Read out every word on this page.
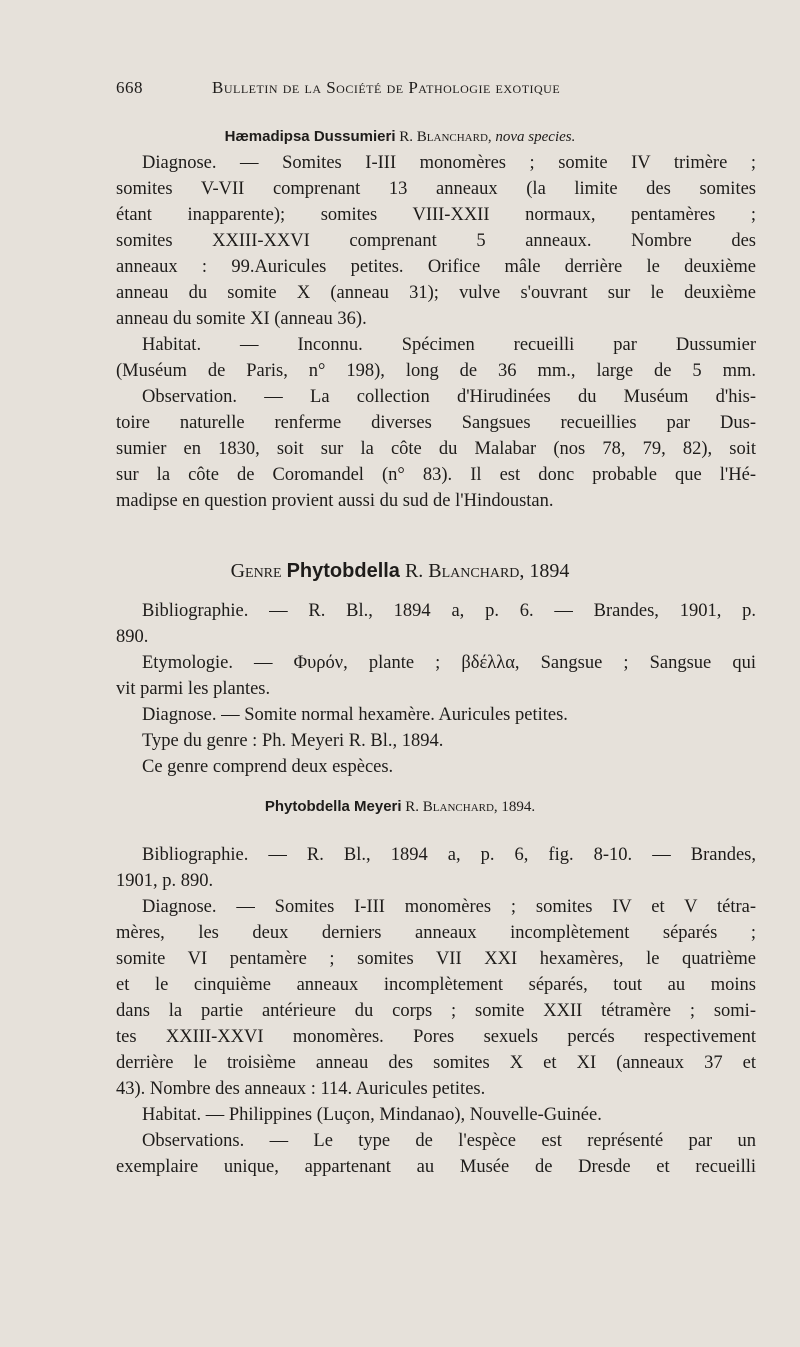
668	Bulletin de la Société de Pathologie exotique
Hæmadipsa Dussumieri R. Blanchard, nova species.
Diagnose. — Somites I-III monomères ; somite IV trimère ;
somites V-VII comprenant 13 anneaux (la limite des somites
étant inapparente); somites VIII-XXII normaux, pentamères ;
somites XXIII-XXVI comprenant 5 anneaux. Nombre des
anneaux : 99.Auricules petites. Orifice mâle derrière le deuxième
anneau du somite X (anneau 31); vulve s'ouvrant sur le deuxième
anneau du somite XI (anneau 36).
Habitat. — Inconnu. Spécimen recueilli par Dussumier
(Muséum de Paris, n° 198), long de 36 mm., large de 5 mm.
Observation. — La collection d'Hirudinées du Muséum d'his-
toire naturelle renferme diverses Sangsues recueillies par Dus-
sumier en 1830, soit sur la côte du Malabar (nos 78, 79, 82), soit
sur la côte de Coromandel (n° 83). Il est donc probable que l'Hé-
madipse en question provient aussi du sud de l'Hindoustan.
Genre Phytobdella R. Blanchard, 1894
Bibliographie. — R. Bl., 1894 a, p. 6. — Brandes, 1901, p.
890.
Etymologie. — Φυρόν, plante ; βδέλλα, Sangsue ; Sangsue qui
vit parmi les plantes.
Diagnose. — Somite normal hexamère. Auricules petites.
Type du genre : Ph. Meyeri R. Bl., 1894.
Ce genre comprend deux espèces.
Phytobdella Meyeri R. Blanchard, 1894.
Bibliographie. — R. Bl., 1894 a, p. 6, fig. 8-10. — Brandes,
1901, p. 890.
Diagnose. — Somites I-III monomères ; somites IV et V tétra-
mères, les deux derniers anneaux incomplètement séparés ;
somite VI pentamère ; somites VII XXI hexamères, le quatrième
et le cinquième anneaux incomplètement séparés, tout au moins
dans la partie antérieure du corps ; somite XXII tétramère ; somi-
tes XXIII-XXVI monomères. Pores sexuels percés respectivement
derrière le troisième anneau des somites X et XI (anneaux 37 et
43). Nombre des anneaux : 114. Auricules petites.
Habitat. — Philippines (Luçon, Mindanao), Nouvelle-Guinée.
Observations. — Le type de l'espèce est représenté par un
exemplaire unique, appartenant au Musée de Dresde et recueilli
